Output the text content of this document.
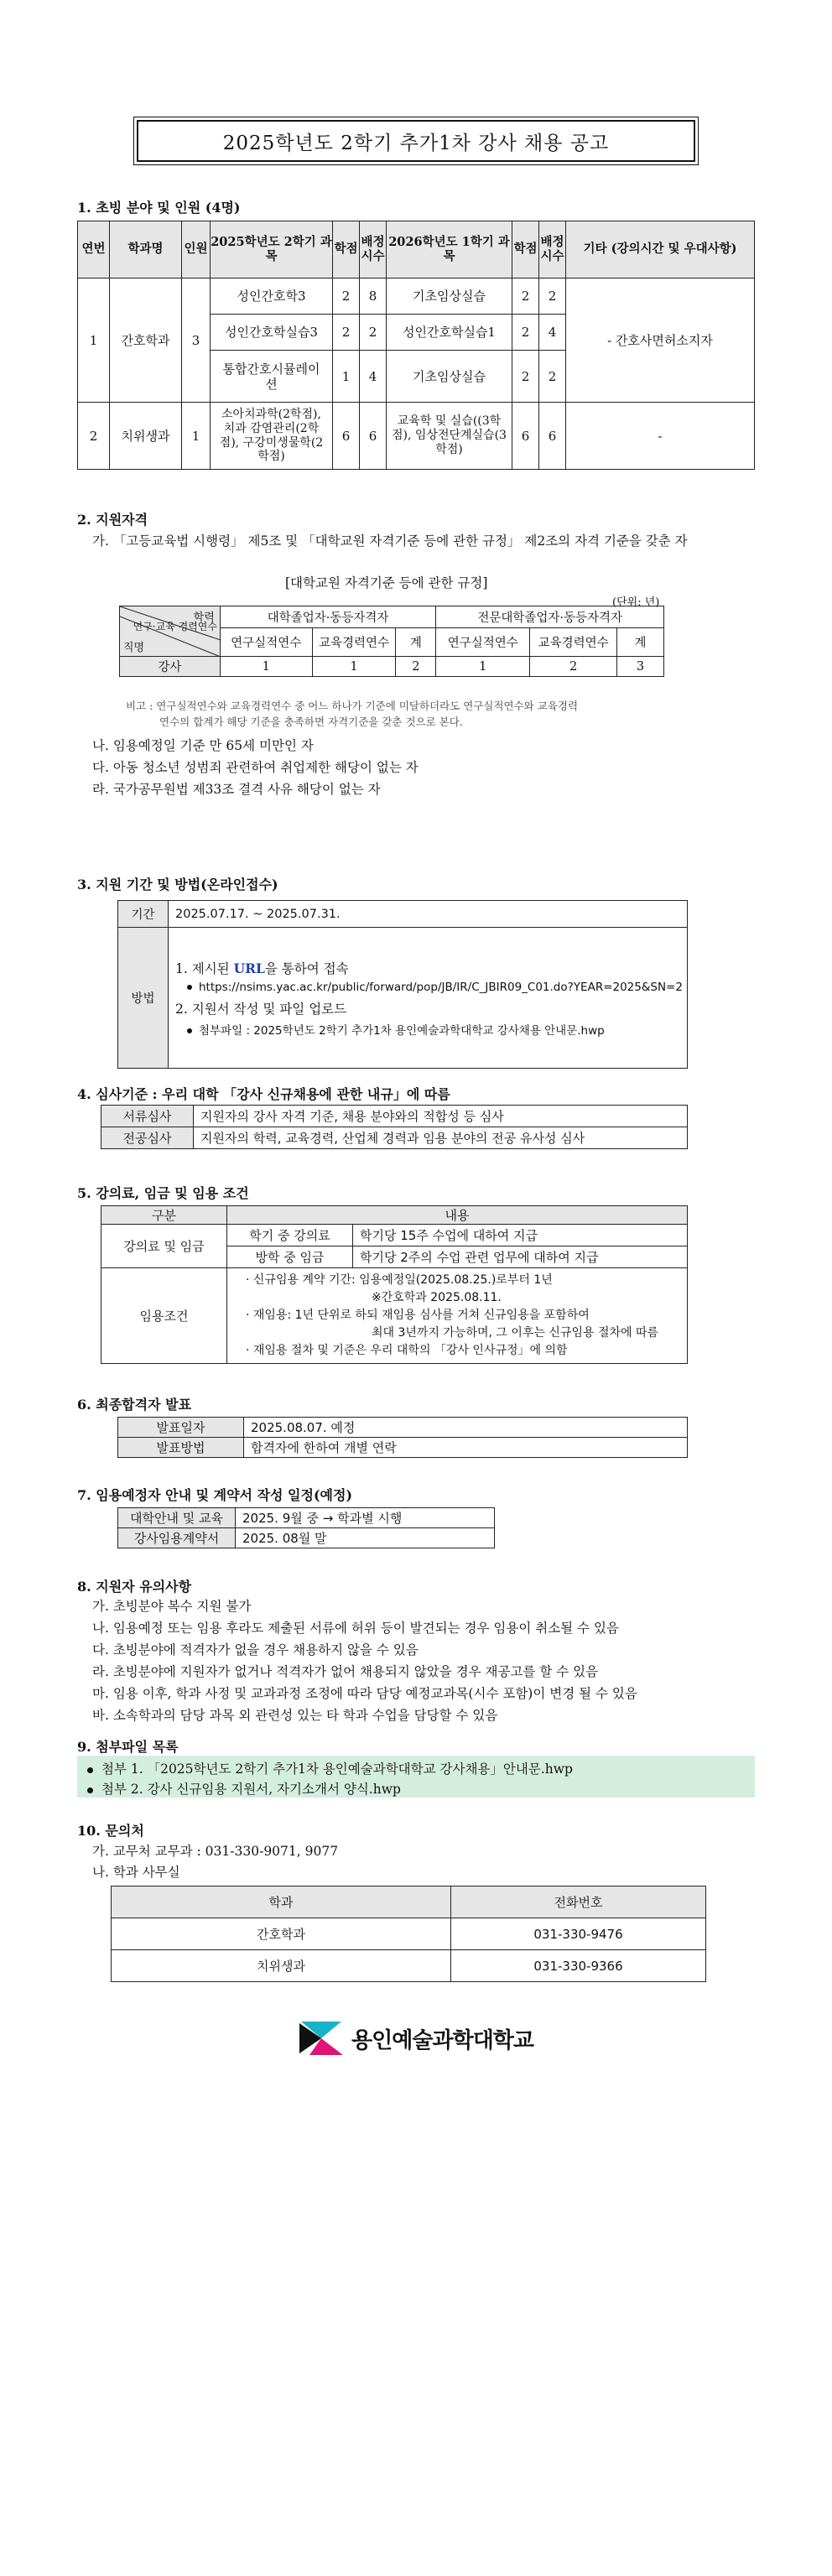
2025학년도 2학기 추가1차 강사 채용 공고
1. 초빙 분야 및 인원 (4명)
연번	학과명	인원	2025학년도 2학기 과목	학점	배정시수	2026학년도 1학기 과목	학점	배정시수	기타 (강의시간 및 우대사항)
1	간호학과	3	성인간호학3	2	8	기초임상실습	2	2	- 간호사면허소지자
			성인간호학실습3	2	2	성인간호학실습1	2	4	
			통합간호시뮬레이션	1	4	기초임상실습	2	2	
2	치위생과	1	소아치과학(2학점), 치과 감염관리(2학점), 구강미생물학(2학점)	6	6	교육학 및 실습((3학점), 임상전단계실습(3학점)	6	6	-
2. 지원자격
가. 「고등교육법 시행령」 제5조 및 「대학교원 자격기준 등에 관한 규정」 제2조의 자격 기준을 갖춘 자
[대학교원 자격기준 등에 관한 규정]
(단위: 년)
학력
연구·교육 경력연수
직명	대학졸업자·동등자격자			전문대학졸업자·동등자격자		
	연구실적연수	교육경력연수	계	연구실적연수	교육경력연수	계
강사	1	1	2	1	2	3
비고 : 연구실적연수와 교육경력연수 중 어느 하나가 기준에 미달하더라도 연구실적연수와 교육경력
연수의 합계가 해당 기준을 충족하면 자격기준을 갖춘 것으로 본다.
나. 임용예정일 기준 만 65세 미만인 자
다. 아동 청소년 성범죄 관련하여 취업제한 해당이 없는 자
라. 국가공무원법 제33조 결격 사유 해당이 없는 자
3. 지원 기간 및 방법(온라인접수)
기간	2025.07.17. ~ 2025.07.31.
방법	1. 제시된 URL을 통하여 접속
https://nsims.yac.ac.kr/public/forward/pop/JB/IR/C_JBIR09_C01.do?YEAR=2025&SN=2
2. 지원서 작성 및 파일 업로드
첨부파일 : 2025학년도 2학기 추가1차 용인예술과학대학교 강사채용 안내문.hwp
4. 심사기준 : 우리 대학 「강사 신규채용에 관한 내규」에 따름
서류심사	지원자의 강사 자격 기준, 채용 분야와의 적합성 등 심사
전공심사	지원자의 학력, 교육경력, 산업체 경력과 임용 분야의 전공 유사성 심사
5. 강의료, 임금 및 임용 조건
구분	내용	
강의료 및 임금	학기 중 강의료	학기당 15주 수업에 대하여 지급
	방학 중 임금	학기당 2주의 수업 관련 업무에 대하여 지급
임용조건	· 신규임용 계약 기간: 임용예정일(2025.08.25.)로부터 1년
※간호학과 2025.08.11.
· 재임용: 1년 단위로 하되 재임용 심사를 거쳐 신규임용을 포함하여
최대 3년까지 가능하며, 그 이후는 신규임용 절차에 따름
· 재임용 절차 및 기준은 우리 대학의 「강사 인사규정」에 의함	
6. 최종합격자 발표
발표일자	2025.08.07. 예정
발표방법	합격자에 한하여 개별 연락
7. 임용예정자 안내 및 계약서 작성 일정(예정)
대학안내 및 교육	2025. 9월 중 → 학과별 시행
강사임용계약서	2025. 08월 말
8. 지원자 유의사항
가. 초빙분야 복수 지원 불가
나. 임용예정 또는 임용 후라도 제출된 서류에 허위 등이 발견되는 경우 임용이 취소될 수 있음
다. 초빙분야에 적격자가 없을 경우 채용하지 않을 수 있음
라. 초빙분야에 지원자가 없거나 적격자가 없어 채용되지 않았을 경우 재공고를 할 수 있음
마. 임용 이후, 학과 사정 및 교과과정 조정에 따라 담당 예정교과목(시수 포함)이 변경 될 수 있음
바. 소속학과의 담당 과목 외 관련성 있는 타 학과 수업을 담당할 수 있음
9. 첨부파일 목록
첨부 1. 「2025학년도 2학기 추가1차 용인예술과학대학교 강사채용」안내문.hwp
첨부 2. 강사 신규임용 지원서, 자기소개서 양식.hwp
10. 문의처
가. 교무처 교무과 : 031-330-9071, 9077
나. 학과 사무실
학과	전화번호
간호학과	031-330-9476
치위생과	031-330-9366
용인예술과학대학교
